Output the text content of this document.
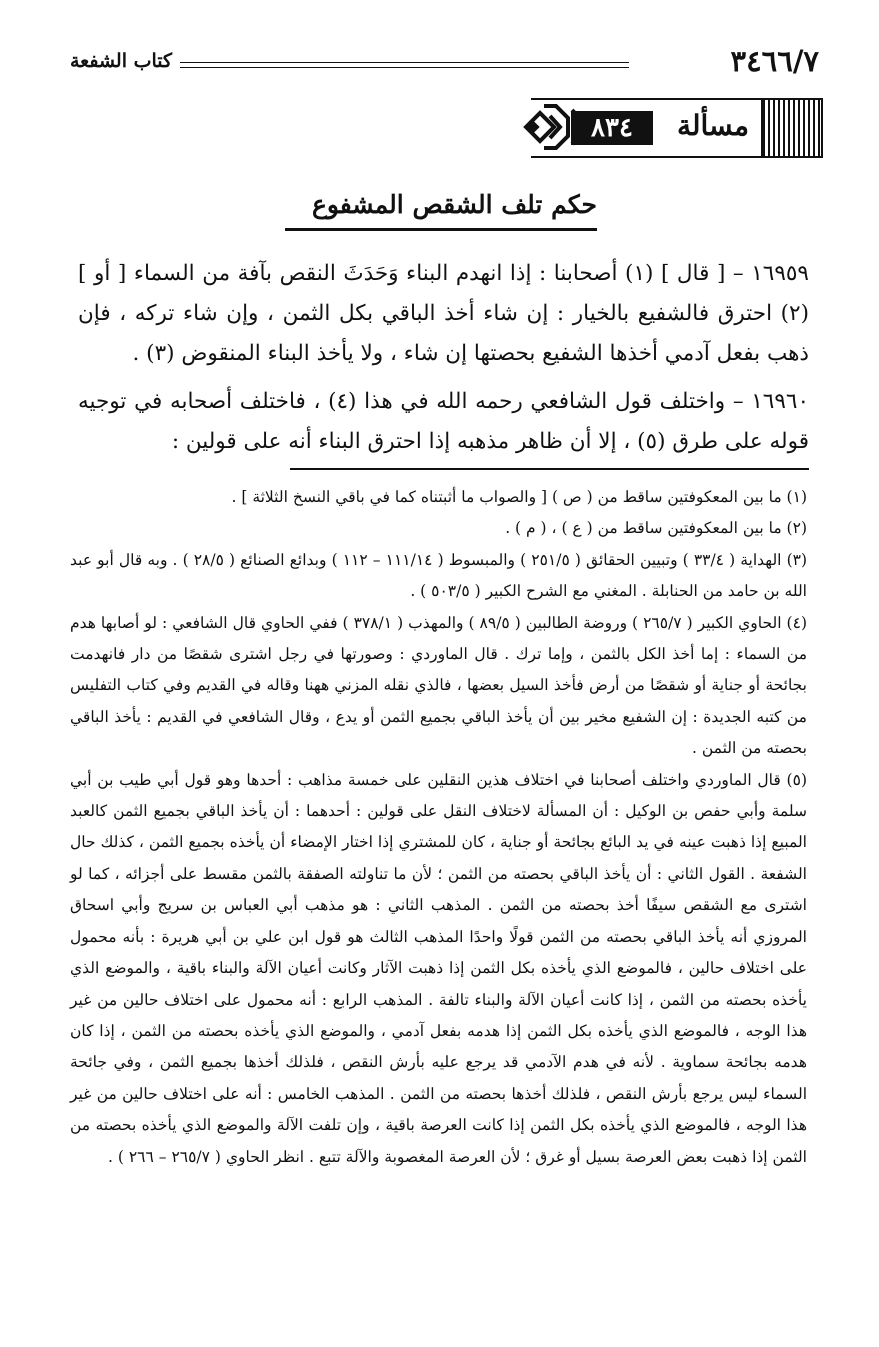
٣٤٦٦/٧
كتاب الشفعة
مسألة
٨٣٤
حكم تلف الشقص المشفوع

١٦٩٥٩ – [ قال ] (١) أصحابنا : إذا انهدم البناء وَحَدَثَ النقص بآفة من السماء [ أو ] (٢) احترق فالشفيع بالخيار : إن شاء أخذ الباقي بكل الثمن ، وإن شاء تركه ، فإن ذهب بفعل آدمي أخذها الشفيع بحصتها إن شاء ، ولا يأخذ البناء المنقوض (٣) .

١٦٩٦٠ – واختلف قول الشافعي رحمه الله في هذا (٤) ، فاختلف أصحابه في توجيه قوله على طرق (٥) ، إلا أن ظاهر مذهبه إذا احترق البناء أنه على قولين :

(١) ما بين المعكوفتين ساقط من ( ص ) [ والصواب ما أثبتناه كما في باقي النسخ الثلاثة ] .

(٢) ما بين المعكوفتين ساقط من ( ع ) ، ( م ) .

(٣) الهداية ( ٣٣/٤ ) وتبيين الحقائق ( ٢٥١/٥ ) والمبسوط ( ١١١/١٤ – ١١٢ ) وبدائع الصنائع ( ٢٨/٥ ) . وبه قال أبو عبد الله بن حامد من الحنابلة . المغني مع الشرح الكبير ( ٥٠٣/٥ ) .

(٤) الحاوي الكبير ( ٢٦٥/٧ ) وروضة الطالبين ( ٨٩/٥ ) والمهذب ( ٣٧٨/١ ) ففي الحاوي قال الشافعي : لو أصابها هدم من السماء : إما أخذ الكل بالثمن ، وإما ترك . قال الماوردي : وصورتها في رجل اشترى شقصًا من دار فانهدمت بجائحة أو جناية أو شقصًا من أرض فأخذ السيل بعضها ، فالذي نقله المزني ههنا وقاله في القديم وفي كتاب التفليس من كتبه الجديدة : إن الشفيع مخير بين أن يأخذ الباقي بجميع الثمن أو يدع ، وقال الشافعي في القديم : يأخذ الباقي بحصته من الثمن .

(٥) قال الماوردي واختلف أصحابنا في اختلاف هذين النقلين على خمسة مذاهب : أحدها وهو قول أبي طيب بن أبي سلمة وأبي حفص بن الوكيل : أن المسألة لاختلاف النقل على قولين : أحدهما : أن يأخذ الباقي بجميع الثمن كالعبد المبيع إذا ذهبت عينه في يد البائع بجائحة أو جناية ، كان للمشتري إذا اختار الإمضاء أن يأخذه بجميع الثمن ، كذلك حال الشفعة . القول الثاني : أن يأخذ الباقي بحصته من الثمن ؛ لأن ما تناولته الصفقة بالثمن مقسط على أجزائه ، كما لو اشترى مع الشقص سيفًا أخذ بحصته من الثمن . المذهب الثاني : هو مذهب أبي العباس بن سريج وأبي اسحاق المروزي أنه يأخذ الباقي بحصته من الثمن قولًا واحدًا المذهب الثالث هو قول ابن علي بن أبي هريرة : بأنه محمول على اختلاف حالين ، فالموضع الذي يأخذه بكل الثمن إذا ذهبت الآثار وكانت أعيان الآلة والبناء باقية ، والموضع الذي يأخذه بحصته من الثمن ، إذا كانت أعيان الآلة والبناء تالفة . المذهب الرابع : أنه محمول على اختلاف حالين من غير هذا الوجه ، فالموضع الذي يأخذه بكل الثمن إذا هدمه بفعل آدمي ، والموضع الذي يأخذه بحصته من الثمن ، إذا كان هدمه بجائحة سماوية . لأنه في هدم الآدمي قد يرجع عليه بأرش النقص ، فلذلك أخذها بجميع الثمن ، وفي جائحة السماء ليس يرجع بأرش النقص ، فلذلك أخذها بحصته من الثمن . المذهب الخامس : أنه على اختلاف حالين من غير هذا الوجه ، فالموضع الذي يأخذه بكل الثمن إذا كانت العرصة باقية ، وإن تلفت الآلة والموضع الذي يأخذه بحصته من الثمن إذا ذهبت بعض العرصة بسيل أو غرق ؛ لأن العرصة المغصوبة والآلة تتبع . انظر الحاوي ( ٢٦٥/٧ – ٢٦٦ ) .
